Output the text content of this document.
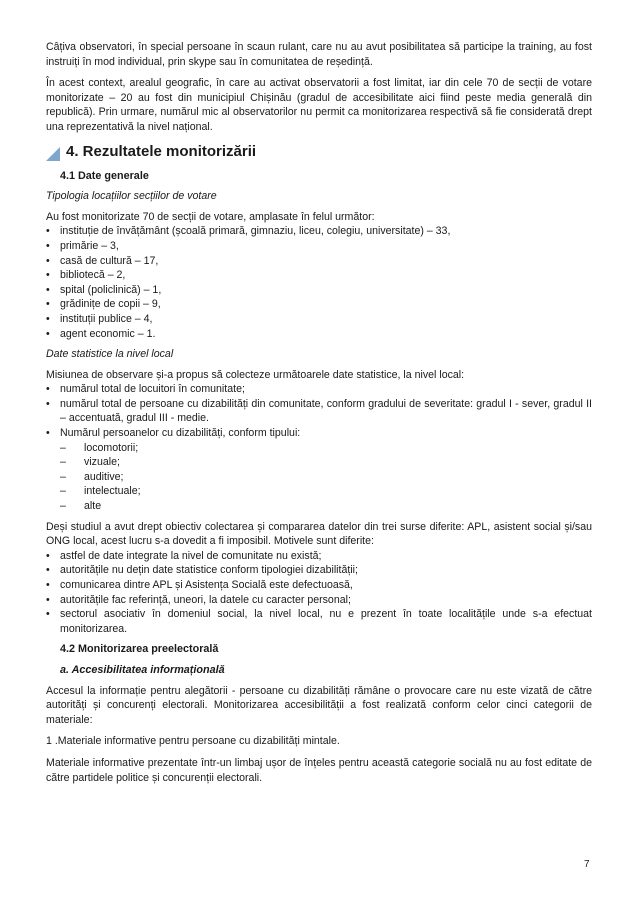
Câțiva observatori, în special persoane în scaun rulant, care nu au avut posibilitatea să participe la training, au fost instruiți în mod individual, prin skype sau în comunitatea de reședință.

În acest context, arealul geografic, în care au activat observatorii a fost limitat, iar din cele 70 de secții de votare monitorizate – 20 au fost din municipiul Chișinău (gradul de accesibilitate aici fiind peste media generală din republică). Prin urmare, numărul mic al observatorilor nu permit ca monitorizarea respectivă să fie considerată drept una reprezentativă la nivel național.

4. Rezultatele monitorizării
4.1 Date generale
Tipologia locațiilor secțiilor de votare
Au fost monitorizate 70 de secții de votare, amplasate în felul următor:
• instituție de învățământ (școală primară, gimnaziu, liceu, colegiu, universitate) – 33,
• primărie – 3,
• casă de cultură – 17,
• bibliotecă – 2,
• spital (policlinică) – 1,
• grădinițe de copii – 9,
• instituții publice – 4,
• agent economic – 1.
Date statistice la nivel local
Misiunea de observare și-a propus să colecteze următoarele date statistice, la nivel local:
• numărul total de locuitori în comunitate;
• numărul total de persoane cu dizabilități din comunitate, conform gradului de severitate: gradul I - sever, gradul II – accentuată, gradul III - medie.
• Numărul persoanelor cu dizabilități, conform tipului:
– locomotorii;
– vizuale;
– auditive;
– intelectuale;
– alte

Deși studiul a avut drept obiectiv colectarea și compararea datelor din trei surse diferite: APL, asistent social și/sau ONG local, acest lucru s-a dovedit a fi imposibil. Motivele sunt diferite:

• astfel de date integrate la nivel de comunitate nu există;
• autoritățile nu dețin date statistice conform tipologiei dizabilității;
• comunicarea dintre APL și Asistența Socială este defectuoasă,
• autoritățile fac referință, uneori, la datele cu caracter personal;
• sectorul asociativ în domeniul social, la nivel local, nu e prezent în toate localitățile unde s-a efectuat monitorizarea.
4.2 Monitorizarea preelectorală
a. Accesibilitatea informațională

Accesul la informație pentru alegătorii - persoane cu dizabilități rămâne o provocare care nu este vizată de către autorități și concurenți electorali. Monitorizarea accesibilității a fost realizată conform celor cinci categorii de materiale:

1 .Materiale informative pentru persoane cu dizabilități mintale.

Materiale informative prezentate într-un limbaj ușor de înțeles pentru această categorie socială nu au fost editate de către partidele politice și concurenții electorali.

7
